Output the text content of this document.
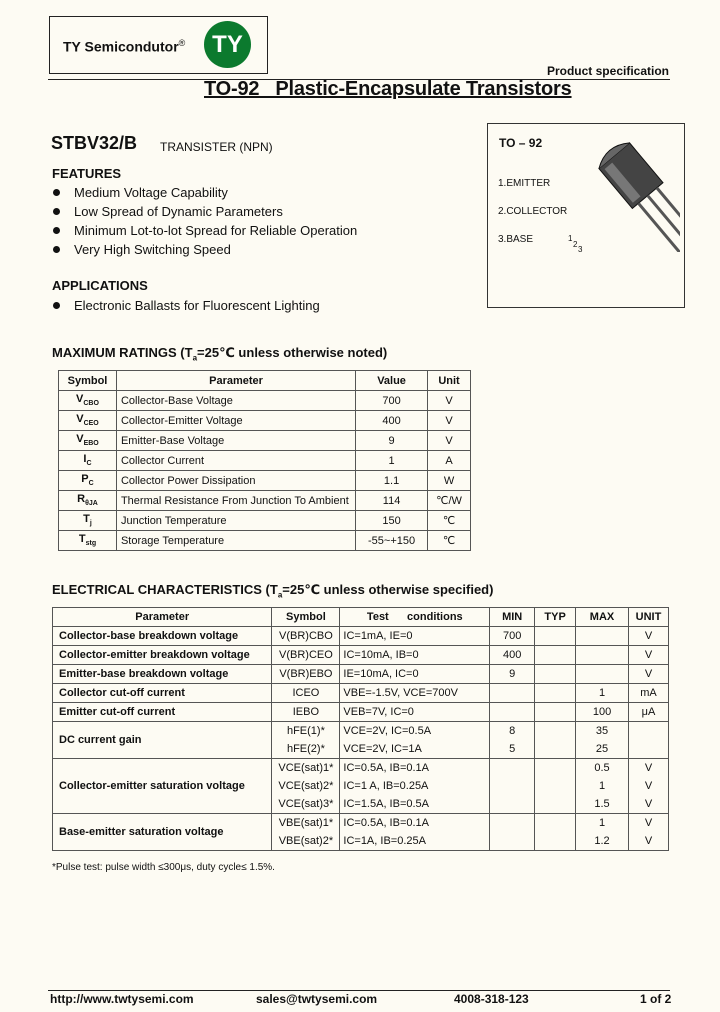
TY Semicondutor®	TY
Product specification
TO-92   Plastic-Encapsulate Transistors
STBV32/B TRANSISTER (NPN)
FEATURES
Medium Voltage Capability
Low Spread of Dynamic Parameters
Minimum Lot-to-lot Spread for Reliable Operation
Very High Switching Speed
APPLICATIONS
Electronic Ballasts for Fluorescent Lighting
TO – 92
1.EMITTER
2.COLLECTOR
3.BASE	1
2
3
MAXIMUM RATINGS ($T_a=25℃$ unless otherwise noted)
Symbol	Parameter	Value	Unit
$V_{CBO}$	Collector-Base Voltage	700	V
$V_{CEO}$	Collector-Emitter Voltage	400	V
$V_{EBO}$	Emitter-Base Voltage	9	V
$I_C$	Collector Current	1	A
$P_C$	Collector Power Dissipation	1.1	W
$R_{\theta JA}$	Thermal Resistance From Junction To Ambient	114	℃/W
$T_j$	Junction Temperature	150	℃
$T_{stg}$	Storage Temperature	-55~+150	℃
ELECTRICAL CHARACTERISTICS ($T_a=25℃$ unless otherwise specified)
Parameter	Symbol	Test      conditions	MIN	TYP	MAX	UNIT
Collector-base breakdown voltage	V(BR)CBO	IC=1mA, IE=0	700			V
Collector-emitter breakdown voltage	V(BR)CEO	IC=10mA, IB=0	400			V
Emitter-base breakdown voltage	V(BR)EBO	IE=10mA, IC=0	9			V
Collector cut-off current	ICEO	VBE=-1.5V, VCE=700V			1	mA
Emitter cut-off current	IEBO	VEB=7V, IC=0			100	μA
DC current gain	hFE(1)*	VCE=2V, IC=0.5A	8		35	
	hFE(2)*	VCE=2V, IC=1A	5		25	
Collector-emitter saturation voltage	VCE(sat)1*	IC=0.5A, IB=0.1A			0.5	V
	VCE(sat)2*	IC=1 A, IB=0.25A			1	V
	VCE(sat)3*	IC=1.5A, IB=0.5A			1.5	V
Base-emitter saturation voltage	VBE(sat)1*	IC=0.5A, IB=0.1A			1	V
	VBE(sat)2*	IC=1A, IB=0.25A			1.2	V
*Pulse test: pulse width ≤300μs, duty cycle≤ 1.5%.
http://www.twtysemi.com	sales@twtysemi.com	4008-318-123	1 of 2
